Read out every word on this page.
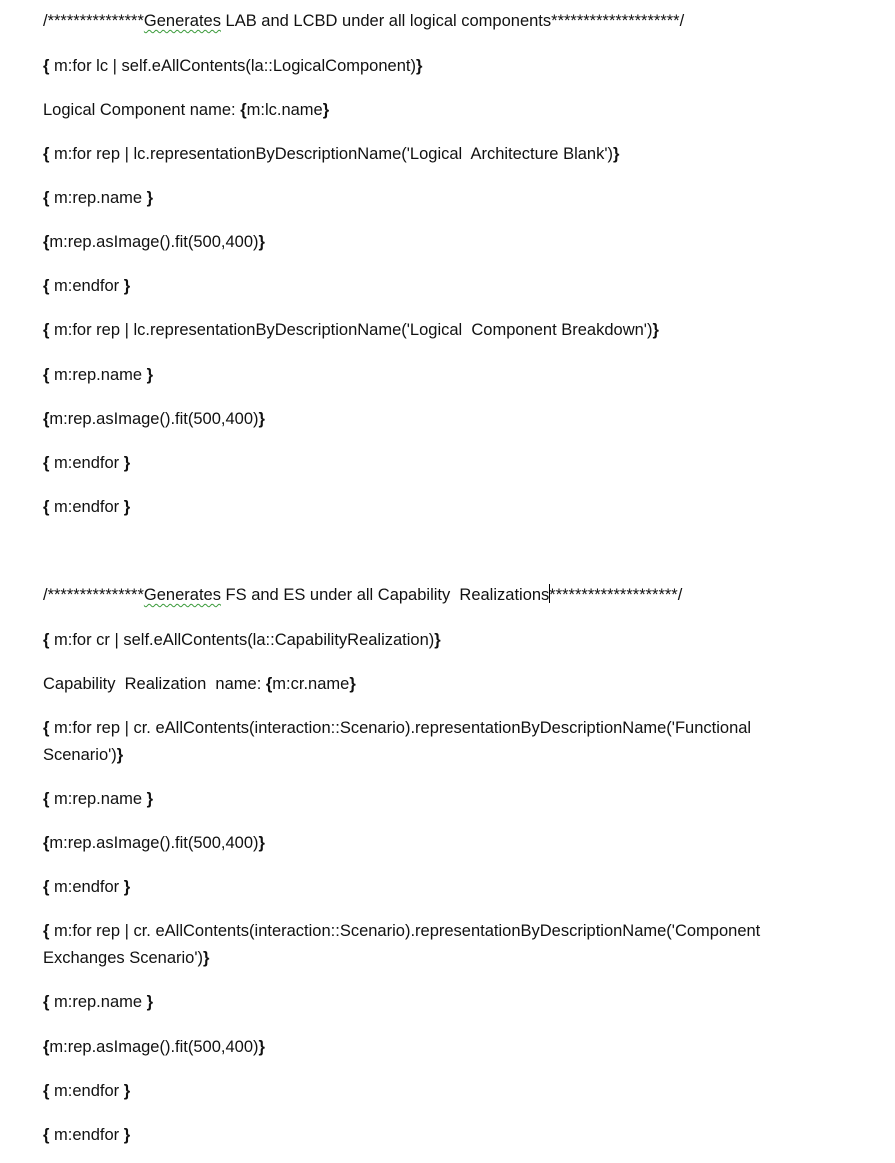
/***************Generates LAB and LCBD under all logical components********************/

{ m:for lc | self.eAllContents(la::LogicalComponent)}

Logical Component name: {m:lc.name}

{ m:for rep | lc.representationByDescriptionName('Logical  Architecture Blank')}

{ m:rep.name }

{m:rep.asImage().fit(500,400)}

{ m:endfor }

{ m:for rep | lc.representationByDescriptionName('Logical  Component Breakdown')}

{ m:rep.name }

{m:rep.asImage().fit(500,400)}

{ m:endfor }

{ m:endfor }

/***************Generates FS and ES under all Capability  Realizations********************/

{ m:for cr | self.eAllContents(la::CapabilityRealization)}

Capability  Realization  name: {m:cr.name}

{ m:for rep | cr. eAllContents(interaction::Scenario).representationByDescriptionName('Functional Scenario')}

{ m:rep.name }

{m:rep.asImage().fit(500,400)}

{ m:endfor }

{ m:for rep | cr. eAllContents(interaction::Scenario).representationByDescriptionName('Component Exchanges Scenario')}

{ m:rep.name }

{m:rep.asImage().fit(500,400)}

{ m:endfor }

{ m:endfor }
